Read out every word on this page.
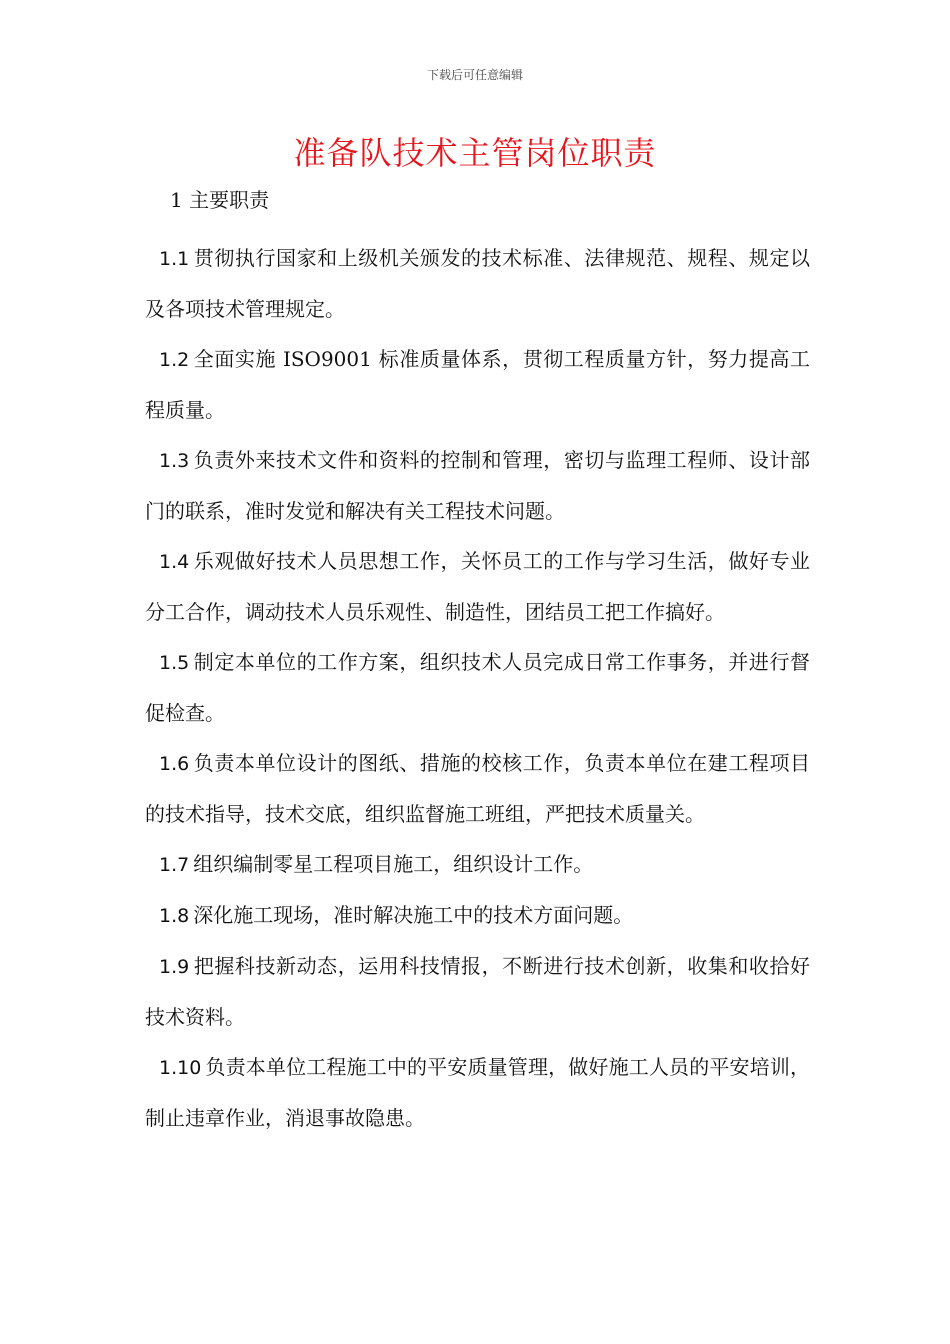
下载后可任意编辑
准备队技术主管岗位职责
1 主要职责

1.1 贯彻执行国家和上级机关颁发的技术标准、法律规范、规程、规定以及各项技术管理规定。

1.2 全面实施 ISO9001 标准质量体系，贯彻工程质量方针，努力提高工程质量。

1.3 负责外来技术文件和资料的控制和管理，密切与监理工程师、设计部门的联系，准时发觉和解决有关工程技术问题。

1.4 乐观做好技术人员思想工作，关怀员工的工作与学习生活，做好专业分工合作，调动技术人员乐观性、制造性，团结员工把工作搞好。

1.5 制定本单位的工作方案，组织技术人员完成日常工作事务，并进行督促检查。

1.6 负责本单位设计的图纸、措施的校核工作，负责本单位在建工程项目的技术指导，技术交底，组织监督施工班组，严把技术质量关。

1.7 组织编制零星工程项目施工，组织设计工作。

1.8 深化施工现场，准时解决施工中的技术方面问题。

1.9 把握科技新动态，运用科技情报，不断进行技术创新，收集和收拾好技术资料。

1.10 负责本单位工程施工中的平安质量管理，做好施工人员的平安培训，制止违章作业，消退事故隐患。
